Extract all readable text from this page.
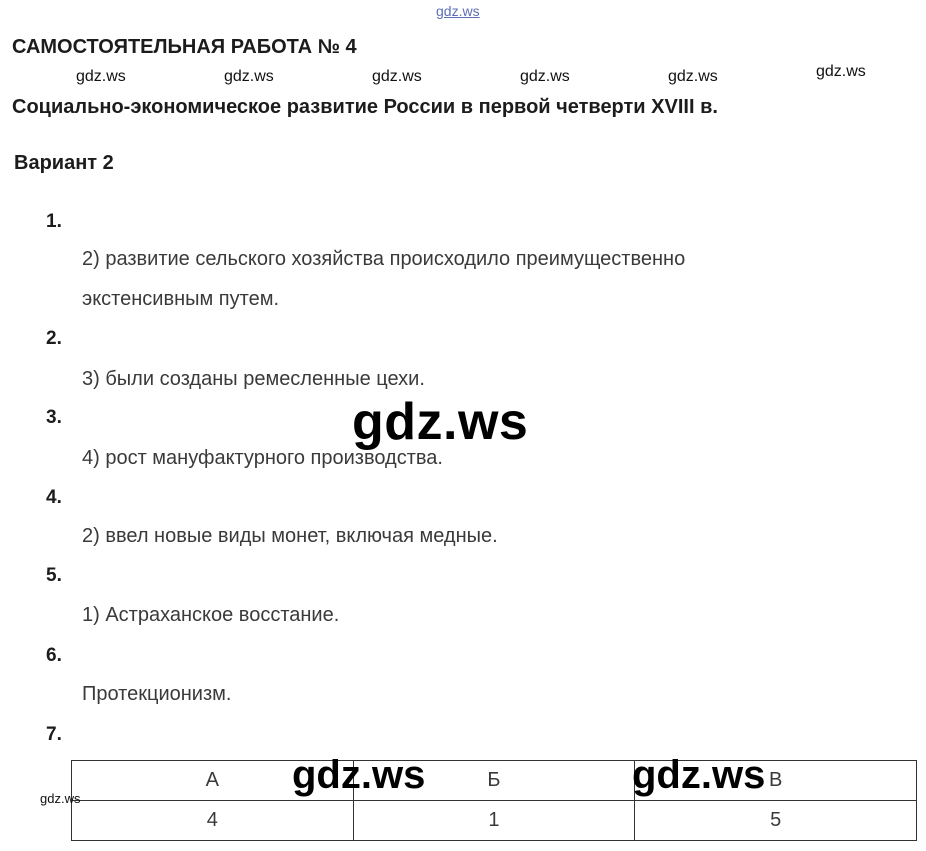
gdz.ws
САМОСТОЯТЕЛЬНАЯ РАБОТА № 4
gdz.ws	gdz.ws	gdz.ws	gdz.ws	gdz.ws	gdz.ws
Социально-экономическое развитие России в первой четверти XVIII в.
Вариант 2
1.
2) развитие сельского хозяйства происходило преимущественно
экстенсивным путем.
2.
3) были созданы ремесленные цехи.
3.
4) рост мануфактурного производства.
gdz.ws
4.
2) ввел новые виды монет, включая медные.
5.
1) Астраханское восстание.
6.
Протекционизм.
7.
А	Б	В
4	1	5
gdz.ws	gdz.ws
gdz.ws
